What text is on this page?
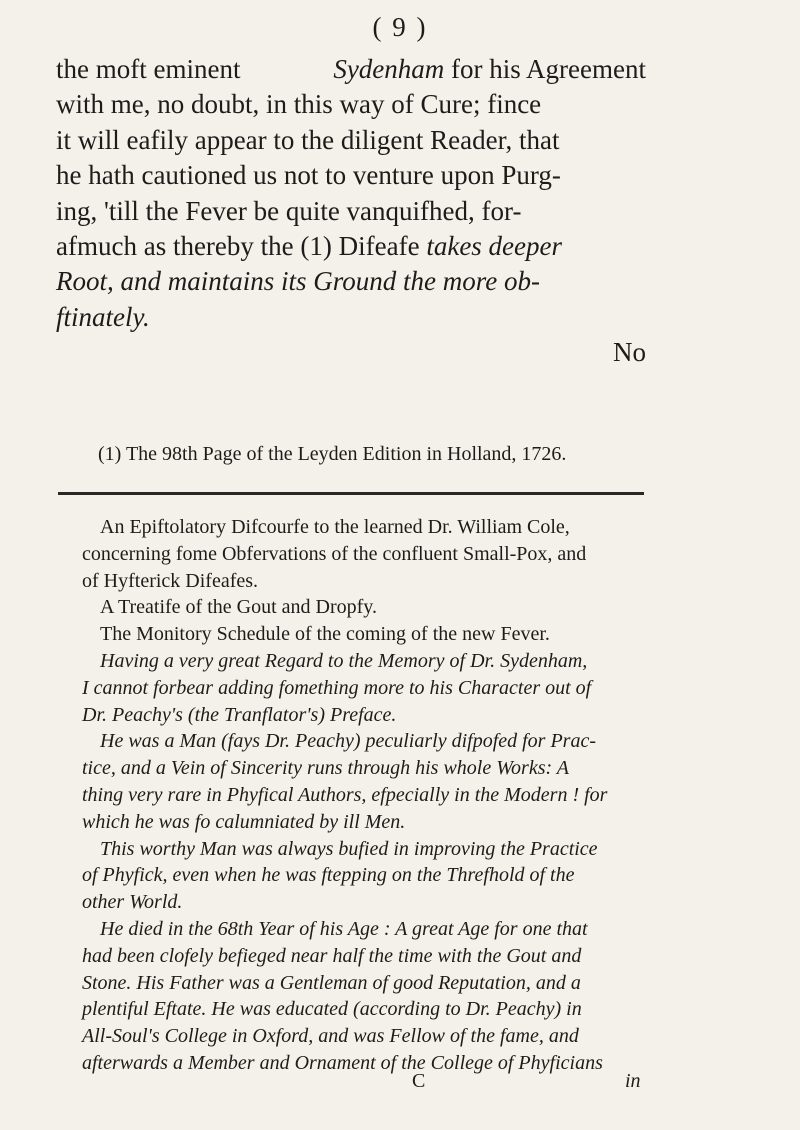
( 9 )
the moft eminent	Sydenham for his Agreement
with me, no doubt, in this way of Cure; fince
it will eafily appear to the diligent Reader, that
he hath cautioned us not to venture upon Purg-
ing, 'till the Fever be quite vanquifhed, for-
afmuch as thereby the (1) Difeafe takes deeper
Root, and maintains its Ground the more ob-
ftinately.
No
(1) The 98th Page of the Leyden Edition in Holland, 1726.
An Epiftolatory Difcourfe to the learned Dr. William Cole,
concerning fome Obfervations of the confluent Small-Pox, and
of Hyfterick Difeafes.
A Treatife of the Gout and Dropfy.
The Monitory Schedule of the coming of the new Fever.
Having a very great Regard to the Memory of Dr. Sydenham,
I cannot forbear adding fomething more to his Character out of
Dr. Peachy's (the Tranflator's) Preface.
He was a Man (fays Dr. Peachy) peculiarly difpofed for Prac-
tice, and a Vein of Sincerity runs through his whole Works: A
thing very rare in Phyfical Authors, efpecially in the Modern ! for
which he was fo calumniated by ill Men.
This worthy Man was always bufied in improving the Practice
of Phyfick, even when he was ftepping on the Threfhold of the
other World.
He died in the 68th Year of his Age : A great Age for one that
had been clofely befieged near half the time with the Gout and
Stone. His Father was a Gentleman of good Reputation, and a
plentiful Eftate. He was educated (according to Dr. Peachy) in
All-Soul's College in Oxford, and was Fellow of the fame, and
afterwards a Member and Ornament of the College of Phyficians
C	in
